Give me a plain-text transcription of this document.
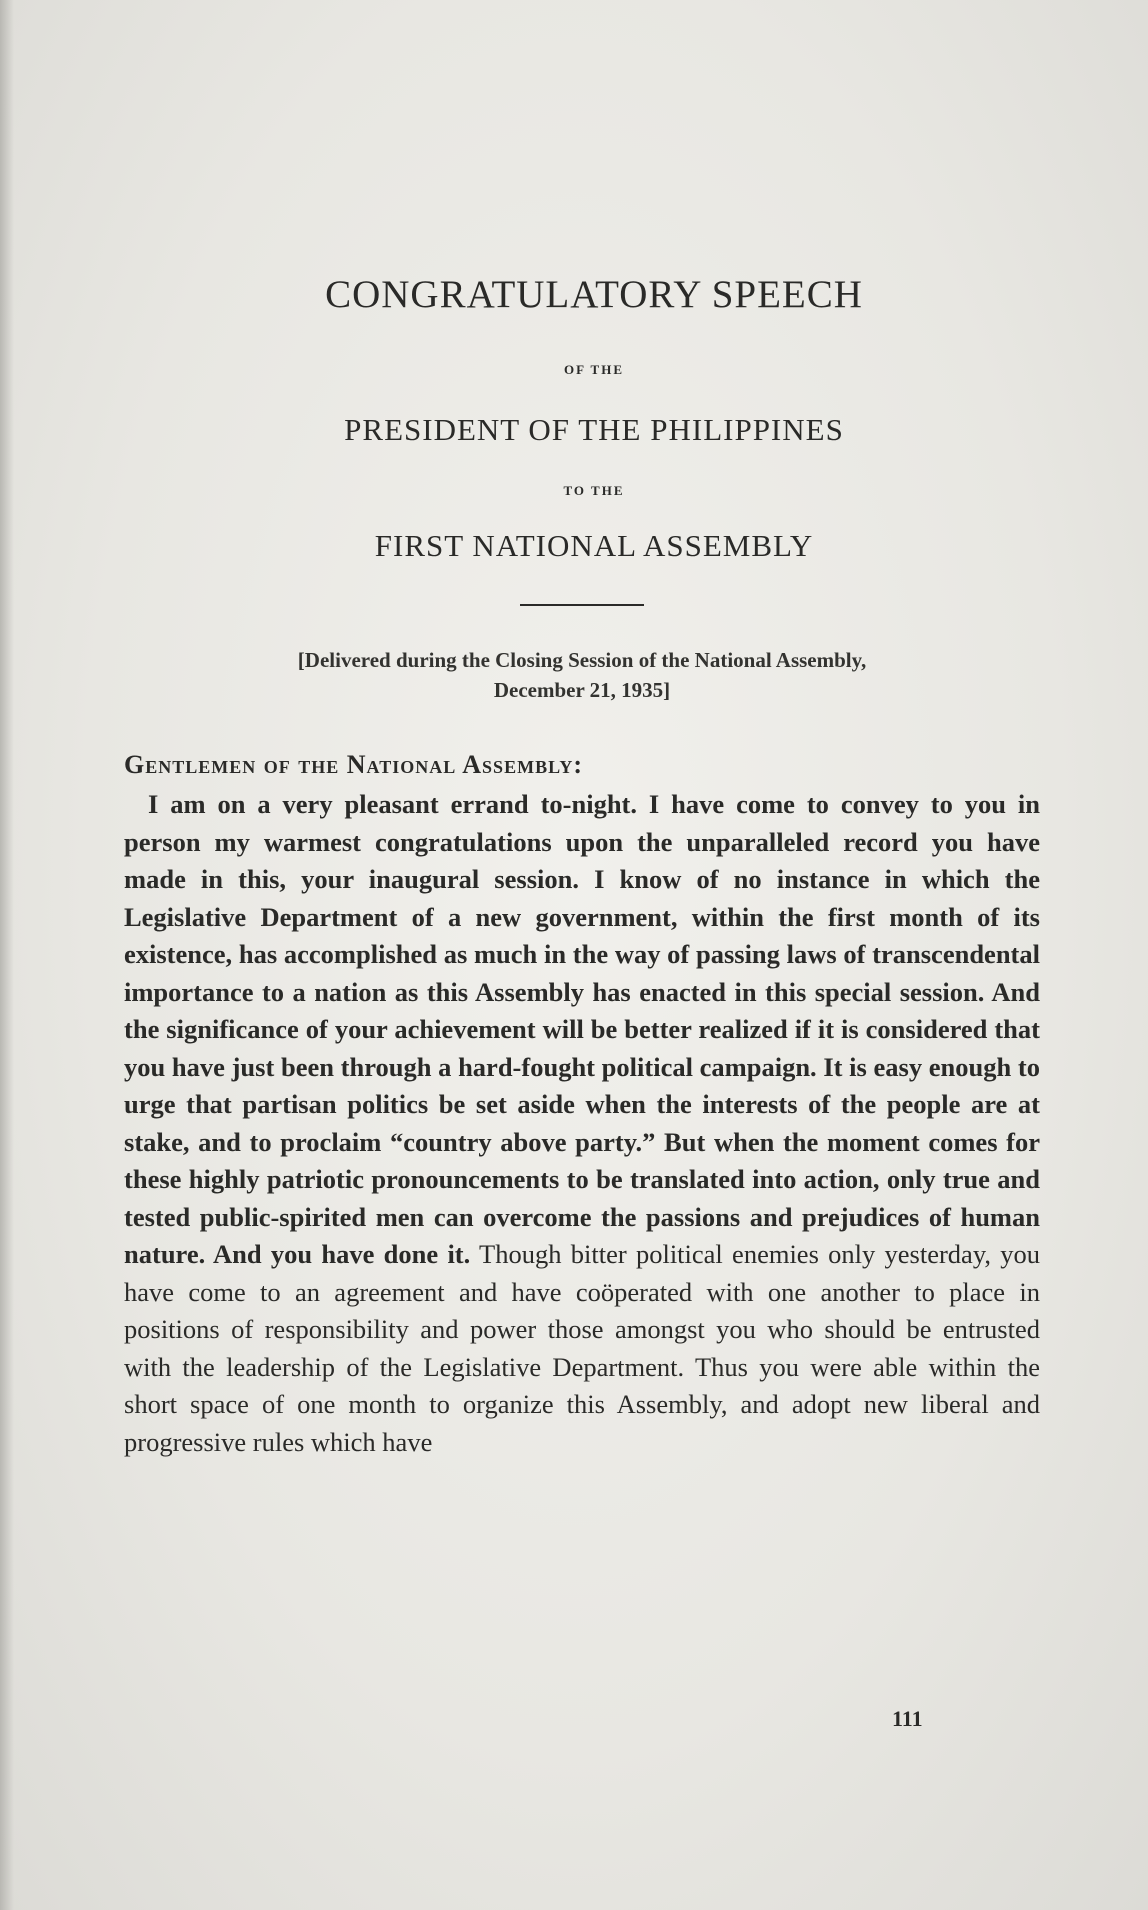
CONGRATULATORY SPEECH
OF THE
PRESIDENT OF THE PHILIPPINES
TO THE
FIRST NATIONAL ASSEMBLY
[Delivered during the Closing Session of the National Assembly,
December 21, 1935]
Gentlemen of the National Assembly:
I am on a very pleasant errand to-night. I have come to convey to you in person my warmest congratulations upon the unparalleled record you have made in this, your inaugural session. I know of no instance in which the Legislative Department of a new government, within the first month of its existence, has accomplished as much in the way of passing laws of transcendental importance to a nation as this Assembly has enacted in this special session. And the significance of your achievement will be better realized if it is considered that you have just been through a hard-fought political campaign. It is easy enough to urge that partisan politics be set aside when the interests of the people are at stake, and to proclaim “country above party.” But when the moment comes for these highly patriotic pronouncements to be translated into action, only true and tested public-spirited men can overcome the passions and prejudices of human nature. And you have done it. Though bitter political enemies only yesterday, you have come to an agreement and have coöperated with one another to place in positions of responsibility and power those amongst you who should be entrusted with the leadership of the Legislative Department. Thus you were able within the short space of one month to organize this Assembly, and adopt new liberal and progressive rules which have
111
